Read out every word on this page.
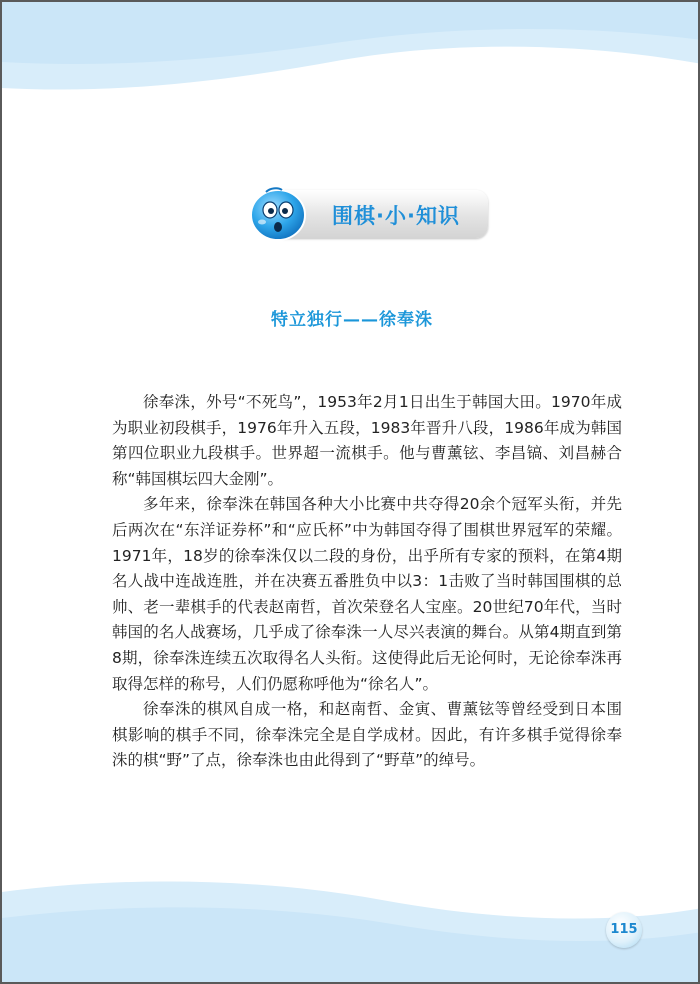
围棋·小·知识
特立独行——徐奉洙

徐奉洙，外号“不死鸟”，1953年2月1日出生于韩国大田。1970年成为职业初段棋手，1976年升入五段，1983年晋升八段，1986年成为韩国第四位职业九段棋手。世界超一流棋手。他与曹薰铉、李昌镐、刘昌赫合称“韩国棋坛四大金刚”。

多年来，徐奉洙在韩国各种大小比赛中共夺得20余个冠军头衔，并先后两次在“东洋证券杯”和“应氏杯”中为韩国夺得了围棋世界冠军的荣耀。1971年，18岁的徐奉洙仅以二段的身份，出乎所有专家的预料，在第4期名人战中连战连胜，并在决赛五番胜负中以3：1击败了当时韩国围棋的总帅、老一辈棋手的代表赵南哲，首次荣登名人宝座。20世纪70年代，当时韩国的名人战赛场，几乎成了徐奉洙一人尽兴表演的舞台。从第4期直到第8期，徐奉洙连续五次取得名人头衔。这使得此后无论何时，无论徐奉洙再取得怎样的称号，人们仍愿称呼他为“徐名人”。

徐奉洙的棋风自成一格，和赵南哲、金寅、曹薰铉等曾经受到日本围棋影响的棋手不同，徐奉洙完全是自学成材。因此，有许多棋手觉得徐奉洙的棋“野”了点，徐奉洙也由此得到了“野草”的绰号。

115
